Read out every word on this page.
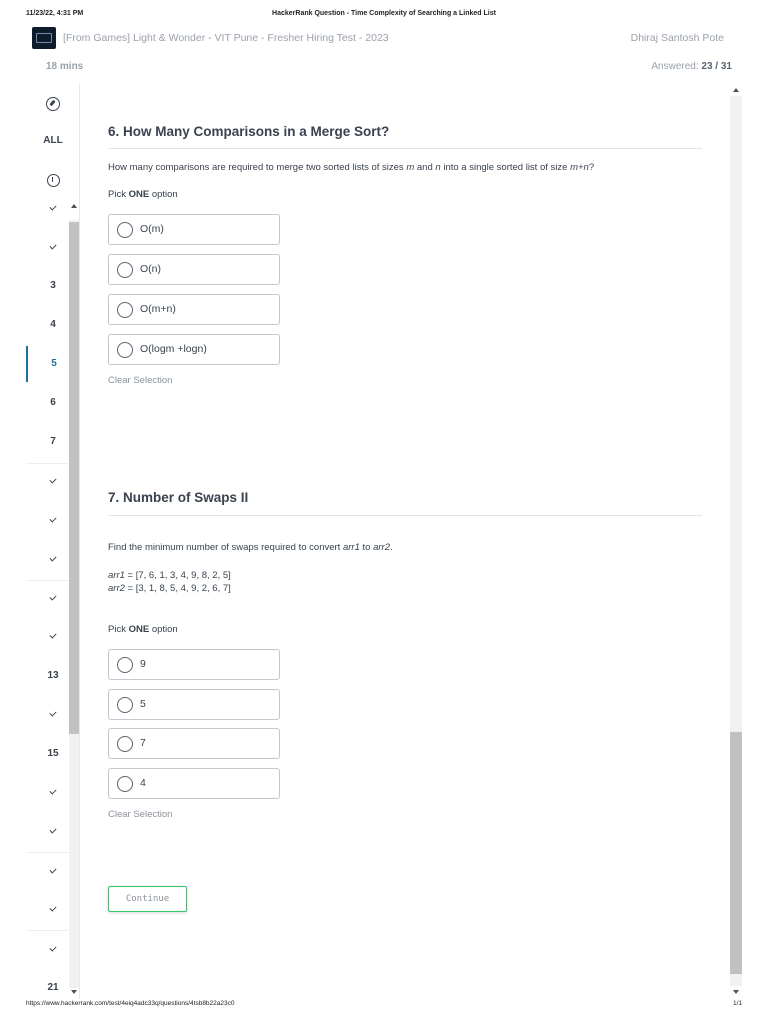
11/23/22, 4:31 PM	HackerRank Question - Time Complexity of Searching a Linked List
[From Games] Light & Wonder - VIT Pune - Fresher Hiring Test - 2023	Dhiraj Santosh Pote
18 mins	Answered: 23 / 31
ALL
3
4
5
6
7
13
15
21
6. How Many Comparisons in a Merge Sort?
How many comparisons are required to merge two sorted lists of sizes m and n into a single sorted list of size m+n?
Pick ONE option
O(m)
O(n)
O(m+n)
O(logm +logn)
Clear Selection
7. Number of Swaps II
Find the minimum number of swaps required to convert arr1 to arr2.
arr1 = [7, 6, 1, 3, 4, 9, 8, 2, 5]
arr2 = [3, 1, 8, 5, 4, 9, 2, 6, 7]
Pick ONE option
9
5
7
4
Clear Selection
Continue
https://www.hackerrank.com/test/4eiq4adc33q/questions/4tsb8b22a23c0	1/1
